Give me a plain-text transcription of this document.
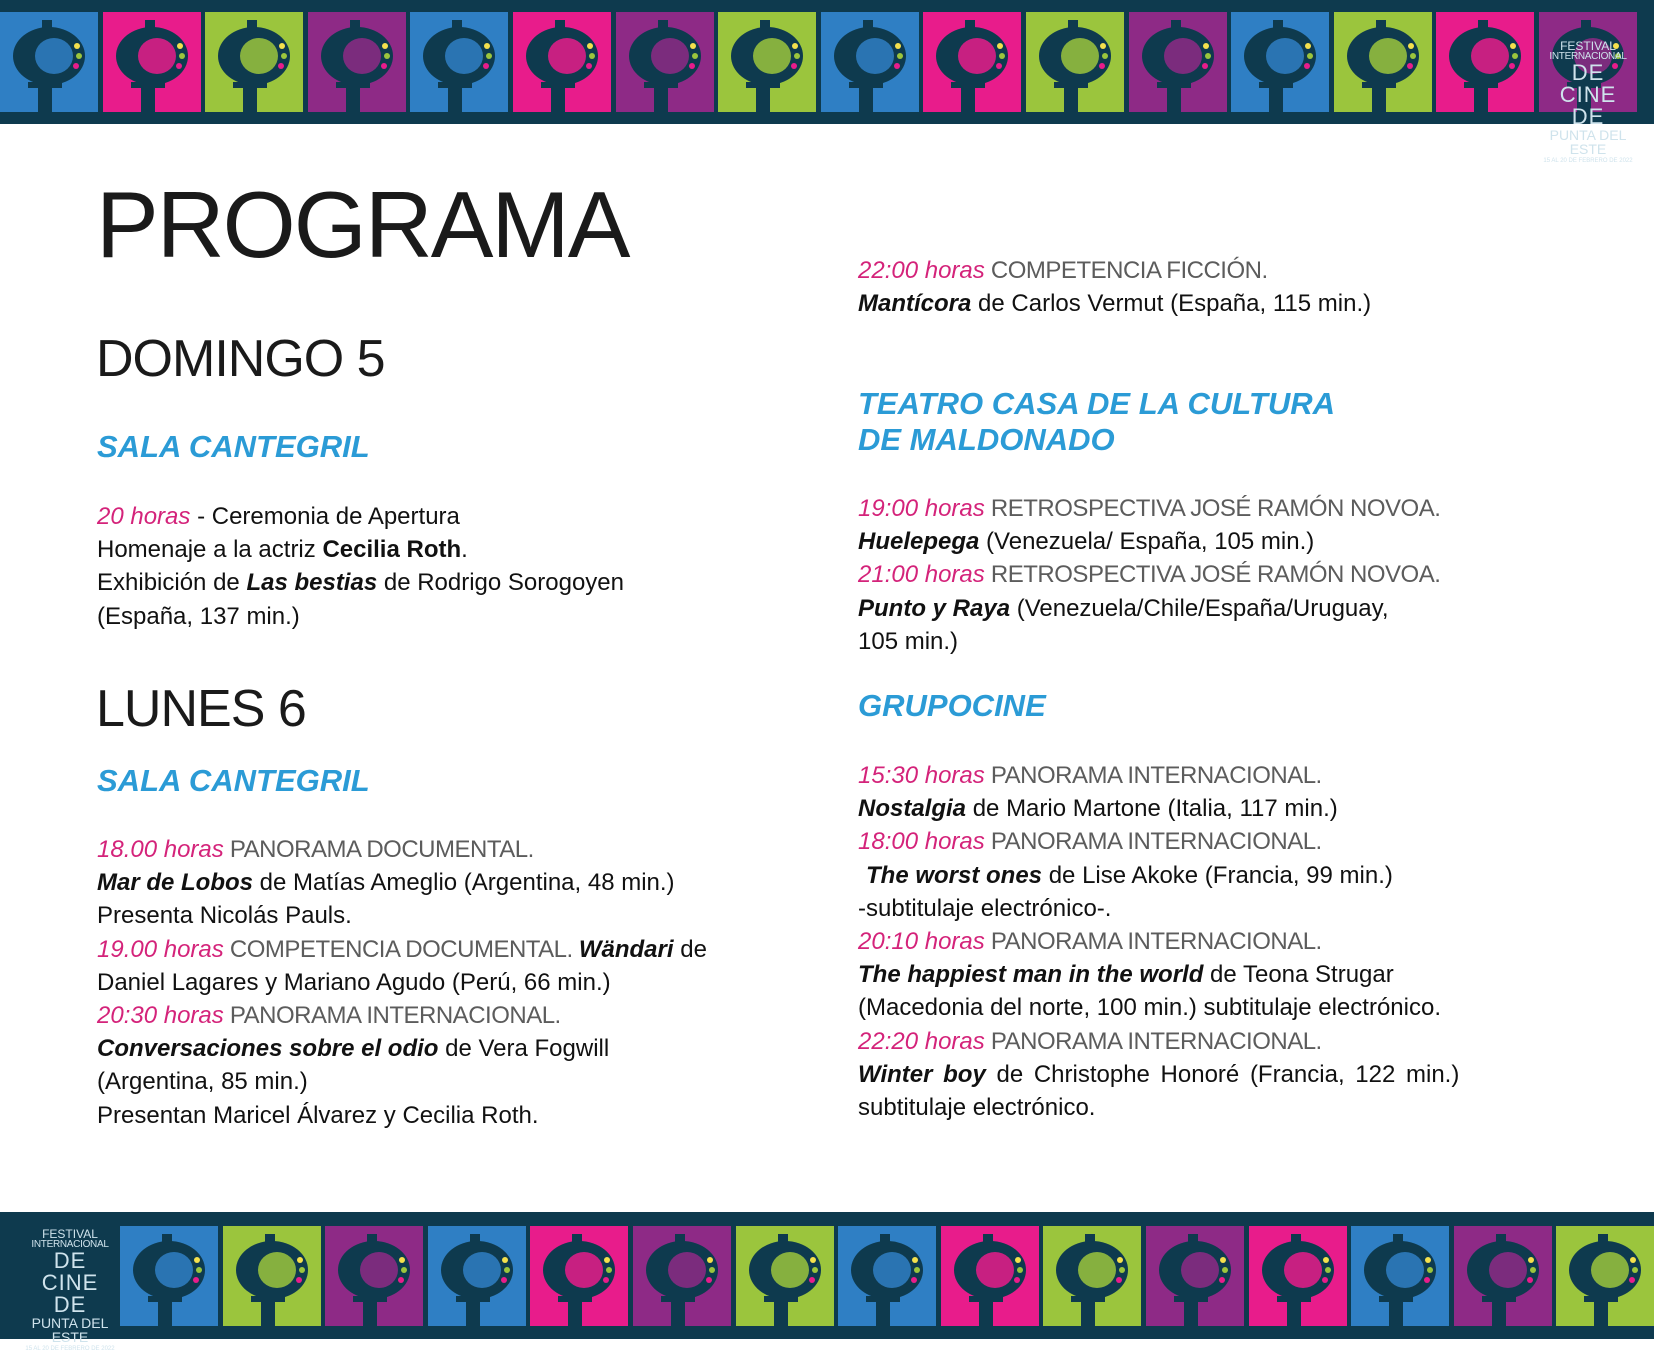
FESTIVAL
INTERNACIONAL
DE CINE DE
PUNTA DEL ESTE
15 AL 20 DE FEBRERO DE 2022
PROGRAMA
DOMINGO 5
SALA CANTEGRIL
20 horas - Ceremonia de Apertura
Homenaje a la actriz Cecilia Roth.
Exhibición de Las bestias de Rodrigo Sorogoyen
(España, 137 min.)
LUNES 6
SALA CANTEGRIL
18.00 horas PANORAMA DOCUMENTAL.
Mar de Lobos de Matías Ameglio (Argentina, 48 min.)
Presenta Nicolás Pauls.
19.00 horas COMPETENCIA DOCUMENTAL. Wändari de
Daniel Lagares y Mariano Agudo (Perú, 66 min.)
20:30 horas PANORAMA INTERNACIONAL.
Conversaciones sobre el odio de Vera Fogwill
(Argentina, 85 min.)
Presentan Maricel Álvarez y Cecilia Roth.
22:00 horas COMPETENCIA FICCIÓN.
Mantícora de Carlos Vermut (España, 115 min.)
TEATRO CASA DE LA CULTURA
DE MALDONADO
19:00 horas RETROSPECTIVA JOSÉ RAMÓN NOVOA.
Huelepega (Venezuela/ España, 105 min.)
21:00 horas RETROSPECTIVA JOSÉ RAMÓN NOVOA.
Punto y Raya (Venezuela/Chile/España/Uruguay,
105 min.)
GRUPOCINE
15:30 horas PANORAMA INTERNACIONAL.
Nostalgia de Mario Martone (Italia, 117 min.)
18:00 horas PANORAMA INTERNACIONAL.
The worst ones de Lise Akoke (Francia, 99 min.)
-subtitulaje electrónico-.
20:10 horas PANORAMA INTERNACIONAL.
The happiest man in the world de Teona Strugar
(Macedonia del norte, 100 min.) subtitulaje electrónico.
22:20 horas PANORAMA INTERNACIONAL.
Winter boy de Christophe Honoré (Francia, 122 min.)
subtitulaje electrónico.
FESTIVAL
INTERNACIONAL
DE CINE DE
PUNTA DEL ESTE
15 AL 20 DE FEBRERO DE 2022
